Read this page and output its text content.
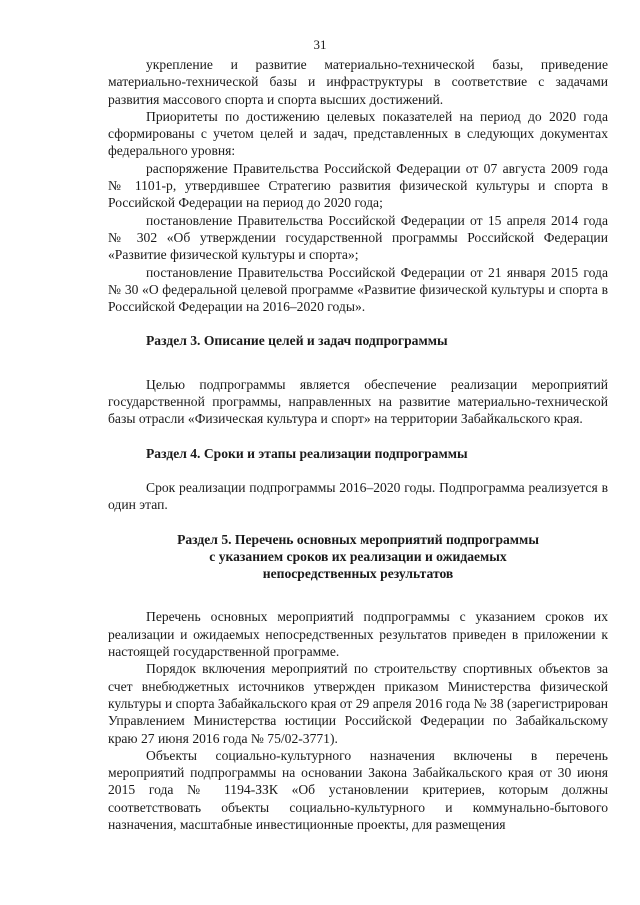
31

укрепление и развитие материально-технической базы, приведение материально-технической базы и инфраструктуры в соответствие с задачами развития массового спорта и спорта высших достижений.

Приоритеты по достижению целевых показателей на период до 2020 года сформированы с учетом целей и задач, представленных в следующих документах федерального уровня:

распоряжение Правительства Российской Федерации от 07 августа 2009 года № 1101-р, утвердившее Стратегию развития физической культуры и спорта в Российской Федерации на период до 2020 года;

постановление Правительства Российской Федерации от 15 апреля 2014 года № 302 «Об утверждении государственной программы Российской Федерации «Развитие физической культуры и спорта»;

постановление Правительства Российской Федерации от 21 января 2015 года № 30 «О федеральной целевой программе «Развитие физической культуры и спорта в Российской Федерации на 2016–2020 годы».

Раздел 3. Описание целей и задач подпрограммы

Целью подпрограммы является обеспечение реализации мероприятий государственной программы, направленных на развитие материально-технической базы отрасли «Физическая культура и спорт» на территории Забайкальского края.

Раздел 4. Сроки и этапы реализации подпрограммы

Срок реализации подпрограммы 2016–2020 годы. Подпрограмма реализуется в один этап.

Раздел 5. Перечень основных мероприятий подпрограммы
с указанием сроков их реализации и ожидаемых
непосредственных результатов

Перечень основных мероприятий подпрограммы с указанием сроков их реализации и ожидаемых непосредственных результатов приведен в приложении к настоящей государственной программе.

Порядок включения мероприятий по строительству спортивных объектов за счет внебюджетных источников утвержден приказом Министерства физической культуры и спорта Забайкальского края от 29 апреля 2016 года № 38 (зарегистрирован Управлением Министерства юстиции Российской Федерации по Забайкальскому краю 27 июня 2016 года № 75/02-3771).

Объекты социально-культурного назначения включены в перечень мероприятий подпрограммы на основании Закона Забайкальского края от 30 июня 2015 года № 1194-ЗЗК «Об установлении критериев, которым должны соответствовать объекты социально-культурного и коммунально-бытового назначения, масштабные инвестиционные проекты, для размещения
